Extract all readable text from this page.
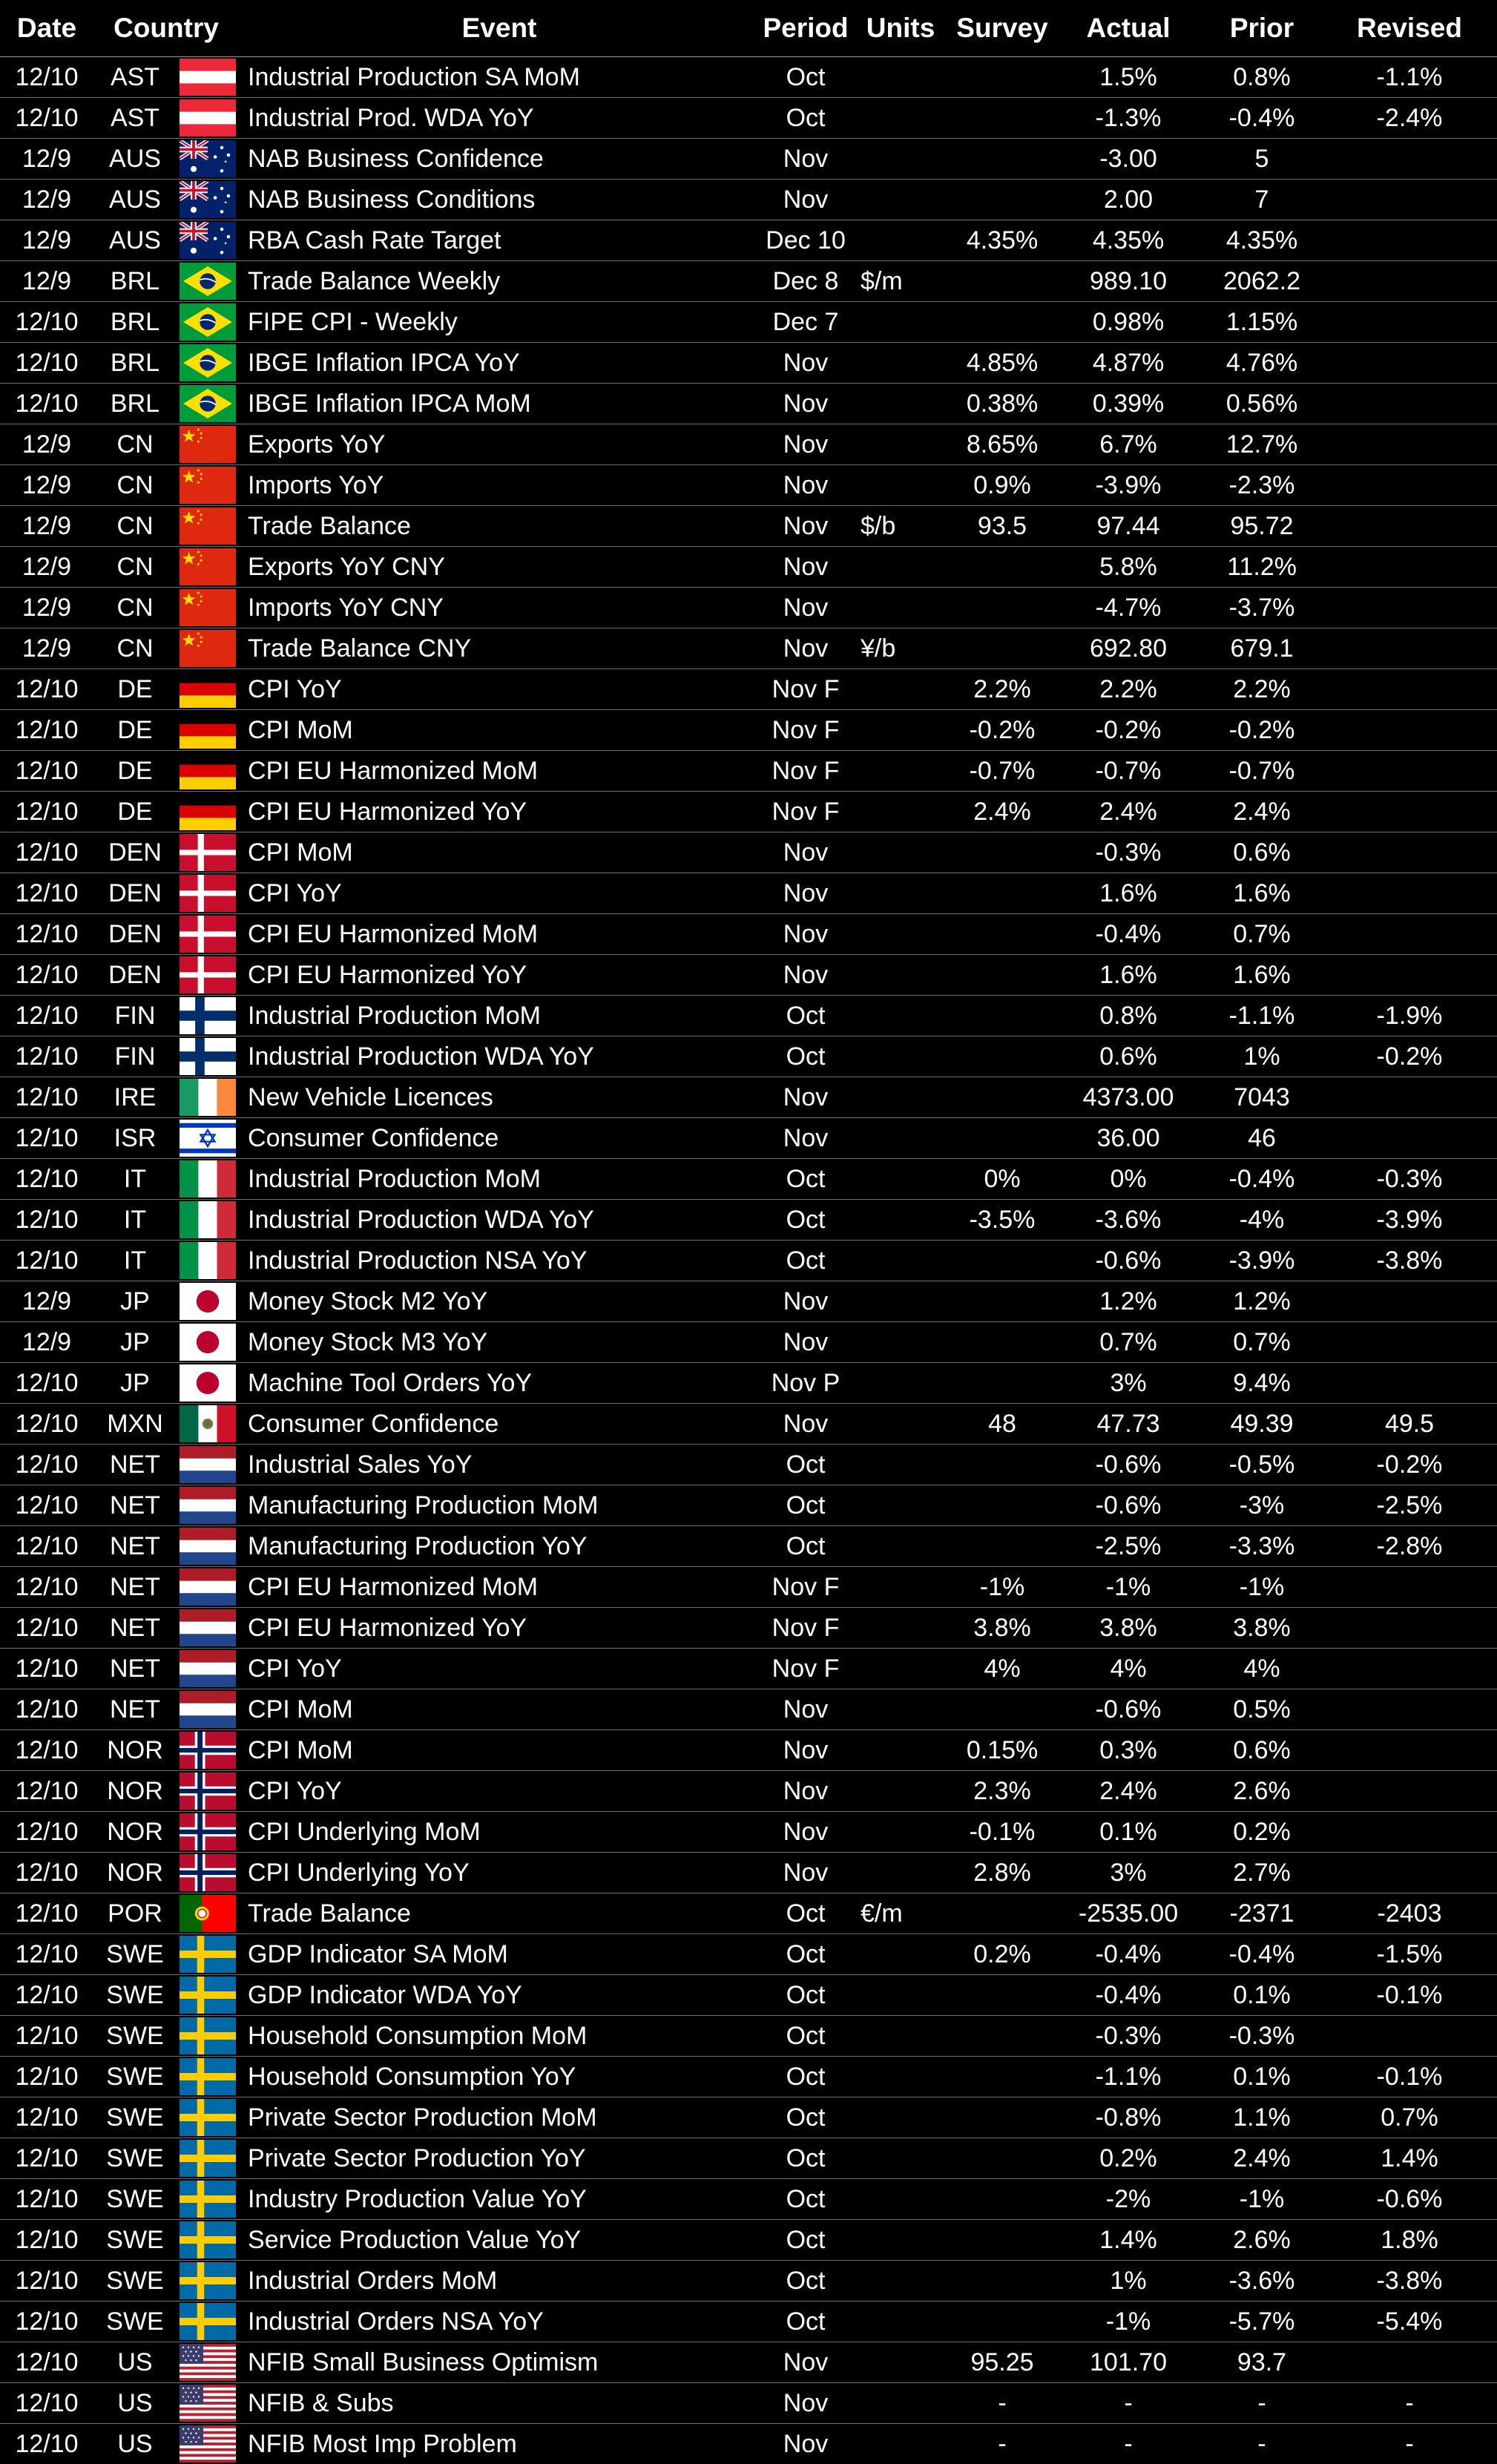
Date	Country		Event	Period	Units	Survey	Actual	Prior	Revised
12/10	AST		Industrial Production SA MoM	Oct			1.5%	0.8%	-1.1%
12/10	AST		Industrial Prod. WDA YoY	Oct			-1.3%	-0.4%	-2.4%
12/9	AUS		NAB Business Confidence	Nov			-3.00	5	
12/9	AUS		NAB Business Conditions	Nov			2.00	7	
12/9	AUS		RBA Cash Rate Target	Dec 10		4.35%	4.35%	4.35%	
12/9	BRL		Trade Balance Weekly	Dec 8	$/m		989.10	2062.2	
12/10	BRL		FIPE CPI - Weekly	Dec 7			0.98%	1.15%	
12/10	BRL		IBGE Inflation IPCA YoY	Nov		4.85%	4.87%	4.76%	
12/10	BRL		IBGE Inflation IPCA MoM	Nov		0.38%	0.39%	0.56%	
12/9	CN		Exports YoY	Nov		8.65%	6.7%	12.7%	
12/9	CN		Imports YoY	Nov		0.9%	-3.9%	-2.3%	
12/9	CN		Trade Balance	Nov	$/b	93.5	97.44	95.72	
12/9	CN		Exports YoY CNY	Nov			5.8%	11.2%	
12/9	CN		Imports YoY CNY	Nov			-4.7%	-3.7%	
12/9	CN		Trade Balance CNY	Nov	¥/b		692.80	679.1	
12/10	DE		CPI YoY	Nov F		2.2%	2.2%	2.2%	
12/10	DE		CPI MoM	Nov F		-0.2%	-0.2%	-0.2%	
12/10	DE		CPI EU Harmonized MoM	Nov F		-0.7%	-0.7%	-0.7%	
12/10	DE		CPI EU Harmonized YoY	Nov F		2.4%	2.4%	2.4%	
12/10	DEN		CPI MoM	Nov			-0.3%	0.6%	
12/10	DEN		CPI YoY	Nov			1.6%	1.6%	
12/10	DEN		CPI EU Harmonized MoM	Nov			-0.4%	0.7%	
12/10	DEN		CPI EU Harmonized YoY	Nov			1.6%	1.6%	
12/10	FIN		Industrial Production MoM	Oct			0.8%	-1.1%	-1.9%
12/10	FIN		Industrial Production WDA YoY	Oct			0.6%	1%	-0.2%
12/10	IRE		New Vehicle Licences	Nov			4373.00	7043	
12/10	ISR		Consumer Confidence	Nov			36.00	46	
12/10	IT		Industrial Production MoM	Oct		0%	0%	-0.4%	-0.3%
12/10	IT		Industrial Production WDA YoY	Oct		-3.5%	-3.6%	-4%	-3.9%
12/10	IT		Industrial Production NSA YoY	Oct			-0.6%	-3.9%	-3.8%
12/9	JP		Money Stock M2 YoY	Nov			1.2%	1.2%	
12/9	JP		Money Stock M3 YoY	Nov			0.7%	0.7%	
12/10	JP		Machine Tool Orders YoY	Nov P			3%	9.4%	
12/10	MXN		Consumer Confidence	Nov		48	47.73	49.39	49.5
12/10	NET		Industrial Sales YoY	Oct			-0.6%	-0.5%	-0.2%
12/10	NET		Manufacturing Production MoM	Oct			-0.6%	-3%	-2.5%
12/10	NET		Manufacturing Production YoY	Oct			-2.5%	-3.3%	-2.8%
12/10	NET		CPI EU Harmonized MoM	Nov F		-1%	-1%	-1%	
12/10	NET		CPI EU Harmonized YoY	Nov F		3.8%	3.8%	3.8%	
12/10	NET		CPI YoY	Nov F		4%	4%	4%	
12/10	NET		CPI MoM	Nov			-0.6%	0.5%	
12/10	NOR		CPI MoM	Nov		0.15%	0.3%	0.6%	
12/10	NOR		CPI YoY	Nov		2.3%	2.4%	2.6%	
12/10	NOR		CPI Underlying MoM	Nov		-0.1%	0.1%	0.2%	
12/10	NOR		CPI Underlying YoY	Nov		2.8%	3%	2.7%	
12/10	POR		Trade Balance	Oct	€/m		-2535.00	-2371	-2403
12/10	SWE		GDP Indicator SA MoM	Oct		0.2%	-0.4%	-0.4%	-1.5%
12/10	SWE		GDP Indicator WDA YoY	Oct			-0.4%	0.1%	-0.1%
12/10	SWE		Household Consumption MoM	Oct			-0.3%	-0.3%	
12/10	SWE		Household Consumption YoY	Oct			-1.1%	0.1%	-0.1%
12/10	SWE		Private Sector Production MoM	Oct			-0.8%	1.1%	0.7%
12/10	SWE		Private Sector Production YoY	Oct			0.2%	2.4%	1.4%
12/10	SWE		Industry Production Value YoY	Oct			-2%	-1%	-0.6%
12/10	SWE		Service Production Value YoY	Oct			1.4%	2.6%	1.8%
12/10	SWE		Industrial Orders MoM	Oct			1%	-3.6%	-3.8%
12/10	SWE		Industrial Orders NSA YoY	Oct			-1%	-5.7%	-5.4%
12/10	US		NFIB Small Business Optimism	Nov		95.25	101.70	93.7	
12/10	US		NFIB & Subs	Nov		-	-	-	-
12/10	US		NFIB Most Imp Problem	Nov		-	-	-	-
